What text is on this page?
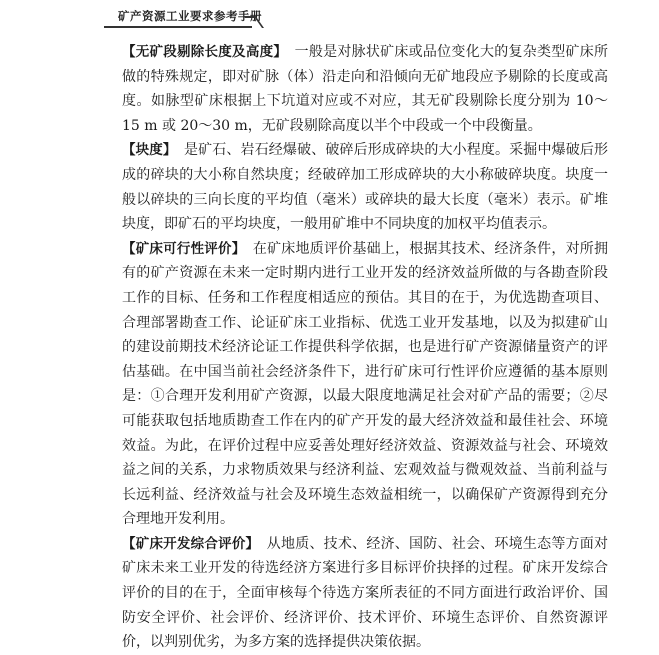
矿产资源工业要求参考手册

【无矿段剔除长度及高度】　一般是对脉状矿床或品位变化大的复杂类型矿床所做的特殊规定，即对矿脉（体）沿走向和沿倾向无矿地段应予剔除的长度或高度。如脉型矿床根据上下坑道对应或不对应，其无矿段剔除长度分别为 10～15 m 或 20～30 m，无矿段剔除高度以半个中段或一个中段衡量。

【块度】　是矿石、岩石经爆破、破碎后形成碎块的大小程度。采掘中爆破后形成的碎块的大小称自然块度；经破碎加工形成碎块的大小称破碎块度。块度一般以碎块的三向长度的平均值（毫米）或碎块的最大长度（毫米）表示。矿堆块度，即矿石的平均块度，一般用矿堆中不同块度的加权平均值表示。

【矿床可行性评价】　在矿床地质评价基础上，根据其技术、经济条件，对所拥有的矿产资源在未来一定时期内进行工业开发的经济效益所做的与各勘查阶段工作的目标、任务和工作程度相适应的预估。其目的在于，为优选勘查项目、合理部署勘查工作、论证矿床工业指标、优选工业开发基地，以及为拟建矿山的建设前期技术经济论证工作提供科学依据，也是进行矿产资源储量资产的评估基础。在中国当前社会经济条件下，进行矿床可行性评价应遵循的基本原则是：①合理开发利用矿产资源，以最大限度地满足社会对矿产品的需要；②尽可能获取包括地质勘查工作在内的矿产开发的最大经济效益和最佳社会、环境效益。为此，在评价过程中应妥善处理好经济效益、资源效益与社会、环境效益之间的关系，力求物质效果与经济利益、宏观效益与微观效益、当前利益与长远利益、经济效益与社会及环境生态效益相统一，以确保矿产资源得到充分合理地开发利用。

【矿床开发综合评价】　从地质、技术、经济、国防、社会、环境生态等方面对矿床未来工业开发的待选经济方案进行多目标评价抉择的过程。矿床开发综合评价的目的在于，全面审核每个待选方案所表征的不同方面进行政治评价、国防安全评价、社会评价、经济评价、技术评价、环境生态评价、自然资源评价，以判别优劣，为多方案的选择提供决策依据。
